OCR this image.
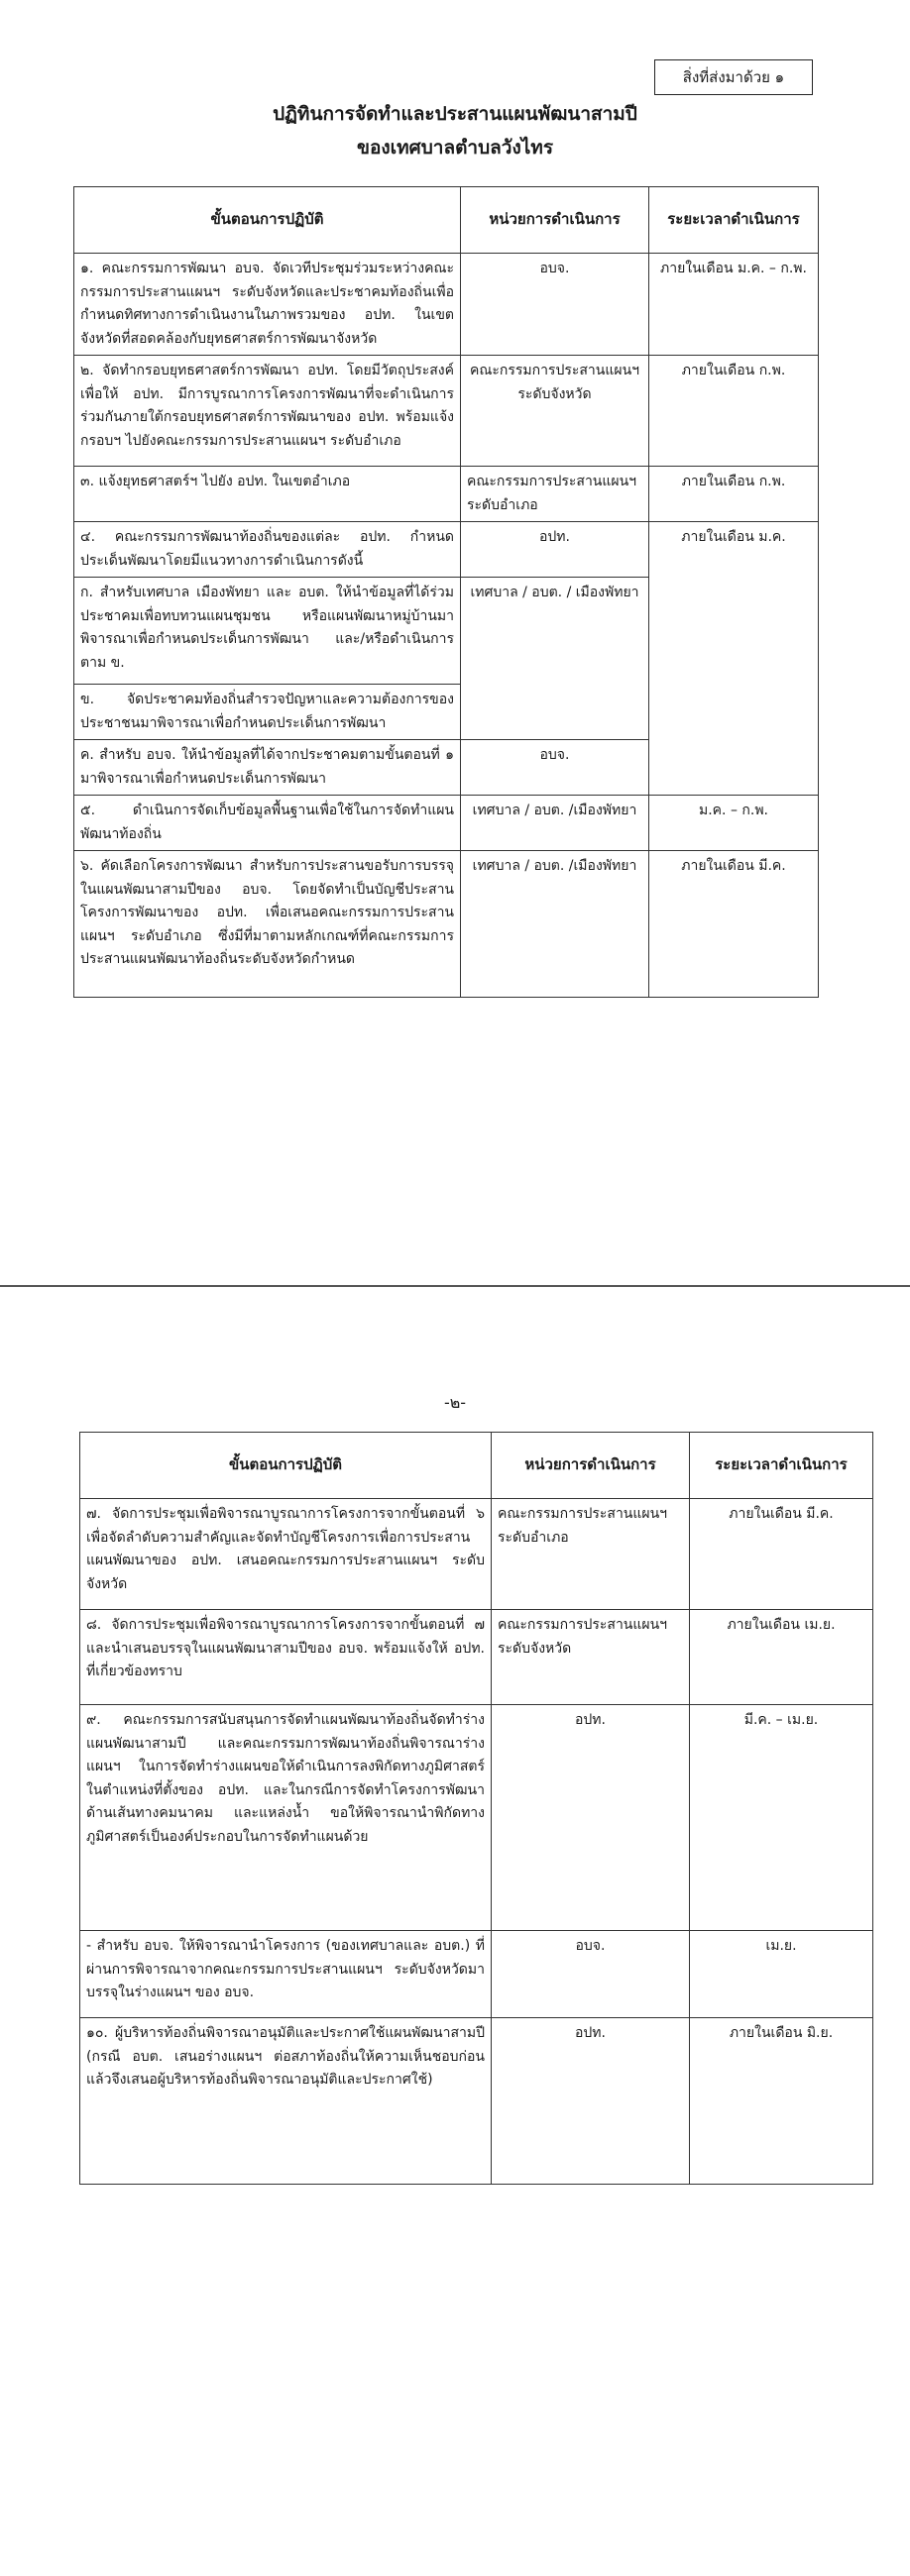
สิ่งที่ส่งมาด้วย ๑
ปฏิทินการจัดทำและประสานแผนพัฒนาสามปี
ของเทศบาลตำบลวังไทร
ขั้นตอนการปฏิบัติ	หน่วยการดำเนินการ	ระยะเวลาดำเนินการ
๑. คณะกรรมการพัฒนา อบจ. จัดเวทีประชุมร่วมระหว่างคณะกรรมการประสานแผนฯ ระดับจังหวัดและประชาคมท้องถิ่นเพื่อกำหนดทิศทางการดำเนินงานในภาพรวมของ อปท. ในเขตจังหวัดที่สอดคล้องกับยุทธศาสตร์การพัฒนาจังหวัด	อบจ.	ภายในเดือน ม.ค. – ก.พ.
๒. จัดทำกรอบยุทธศาสตร์การพัฒนา อปท. โดยมีวัตถุประสงค์เพื่อให้ อปท. มีการบูรณาการโครงการพัฒนาที่จะดำเนินการร่วมกันภายใต้กรอบยุทธศาสตร์การพัฒนาของ อปท. พร้อมแจ้งกรอบฯ ไปยังคณะกรรมการประสานแผนฯ ระดับอำเภอ	คณะกรรมการประสานแผนฯ ระดับจังหวัด	ภายในเดือน ก.พ.
๓. แจ้งยุทธศาสตร์ฯ ไปยัง อปท. ในเขตอำเภอ	คณะกรรมการประสานแผนฯ ระดับอำเภอ	ภายในเดือน ก.พ.
๔. คณะกรรมการพัฒนาท้องถิ่นของแต่ละ อปท. กำหนดประเด็นพัฒนาโดยมีแนวทางการดำเนินการดังนี้	อปท.	ภายในเดือน ม.ค.
ก. สำหรับเทศบาล เมืองพัทยา และ อบต. ให้นำข้อมูลที่ได้ร่วมประชาคมเพื่อทบทวนแผนชุมชน หรือแผนพัฒนาหมู่บ้านมาพิจารณาเพื่อกำหนดประเด็นการพัฒนา และ/หรือดำเนินการตาม ข.	เทศบาล / อบต. / เมืองพัทยา	
ข. จัดประชาคมท้องถิ่นสำรวจปัญหาและความต้องการของประชาชนมาพิจารณาเพื่อกำหนดประเด็นการพัฒนา		
ค. สำหรับ อบจ. ให้นำข้อมูลที่ได้จากประชาคมตามขั้นตอนที่ ๑ มาพิจารณาเพื่อกำหนดประเด็นการพัฒนา	อบจ.	
๕. ดำเนินการจัดเก็บข้อมูลพื้นฐานเพื่อใช้ในการจัดทำแผนพัฒนาท้องถิ่น	เทศบาล / อบต. /เมืองพัทยา	ม.ค. – ก.พ.
๖. คัดเลือกโครงการพัฒนา สำหรับการประสานขอรับการบรรจุในแผนพัฒนาสามปีของ อบจ. โดยจัดทำเป็นบัญชีประสานโครงการพัฒนาของ อปท. เพื่อเสนอคณะกรรมการประสานแผนฯ ระดับอำเภอ ซึ่งมีที่มาตามหลักเกณฑ์ที่คณะกรรมการประสานแผนพัฒนาท้องถิ่นระดับจังหวัดกำหนด	เทศบาล / อบต. /เมืองพัทยา	ภายในเดือน มี.ค.
-๒-
ขั้นตอนการปฏิบัติ	หน่วยการดำเนินการ	ระยะเวลาดำเนินการ
๗. จัดการประชุมเพื่อพิจารณาบูรณาการโครงการจากขั้นตอนที่ ๖ เพื่อจัดลำดับความสำคัญและจัดทำบัญชีโครงการเพื่อการประสานแผนพัฒนาของ อปท. เสนอคณะกรรมการประสานแผนฯ ระดับจังหวัด	คณะกรรมการประสานแผนฯ ระดับอำเภอ	ภายในเดือน มี.ค.
๘. จัดการประชุมเพื่อพิจารณาบูรณาการโครงการจากขั้นตอนที่ ๗ และนำเสนอบรรจุในแผนพัฒนาสามปีของ อบจ. พร้อมแจ้งให้ อปท. ที่เกี่ยวข้องทราบ	คณะกรรมการประสานแผนฯ ระดับจังหวัด	ภายในเดือน เม.ย.
๙. คณะกรรมการสนับสนุนการจัดทำแผนพัฒนาท้องถิ่นจัดทำร่างแผนพัฒนาสามปี และคณะกรรมการพัฒนาท้องถิ่นพิจารณาร่างแผนฯ ในการจัดทำร่างแผนขอให้ดำเนินการลงพิกัดทางภูมิศาสตร์ในตำแหน่งที่ตั้งของ อปท. และในกรณีการจัดทำโครงการพัฒนาด้านเส้นทางคมนาคม และแหล่งน้ำ ขอให้พิจารณานำพิกัดทางภูมิศาสตร์เป็นองค์ประกอบในการจัดทำแผนด้วย	อปท.	มี.ค. – เม.ย.
- สำหรับ อบจ. ให้พิจารณานำโครงการ (ของเทศบาลและ อบต.) ที่ผ่านการพิจารณาจากคณะกรรมการประสานแผนฯ ระดับจังหวัดมาบรรจุในร่างแผนฯ ของ อบจ.	อบจ.	เม.ย.
๑๐. ผู้บริหารท้องถิ่นพิจารณาอนุมัติและประกาศใช้แผนพัฒนาสามปี (กรณี อบต. เสนอร่างแผนฯ ต่อสภาท้องถิ่นให้ความเห็นชอบก่อน แล้วจึงเสนอผู้บริหารท้องถิ่นพิจารณาอนุมัติและประกาศใช้)	อปท.	ภายในเดือน มิ.ย.
